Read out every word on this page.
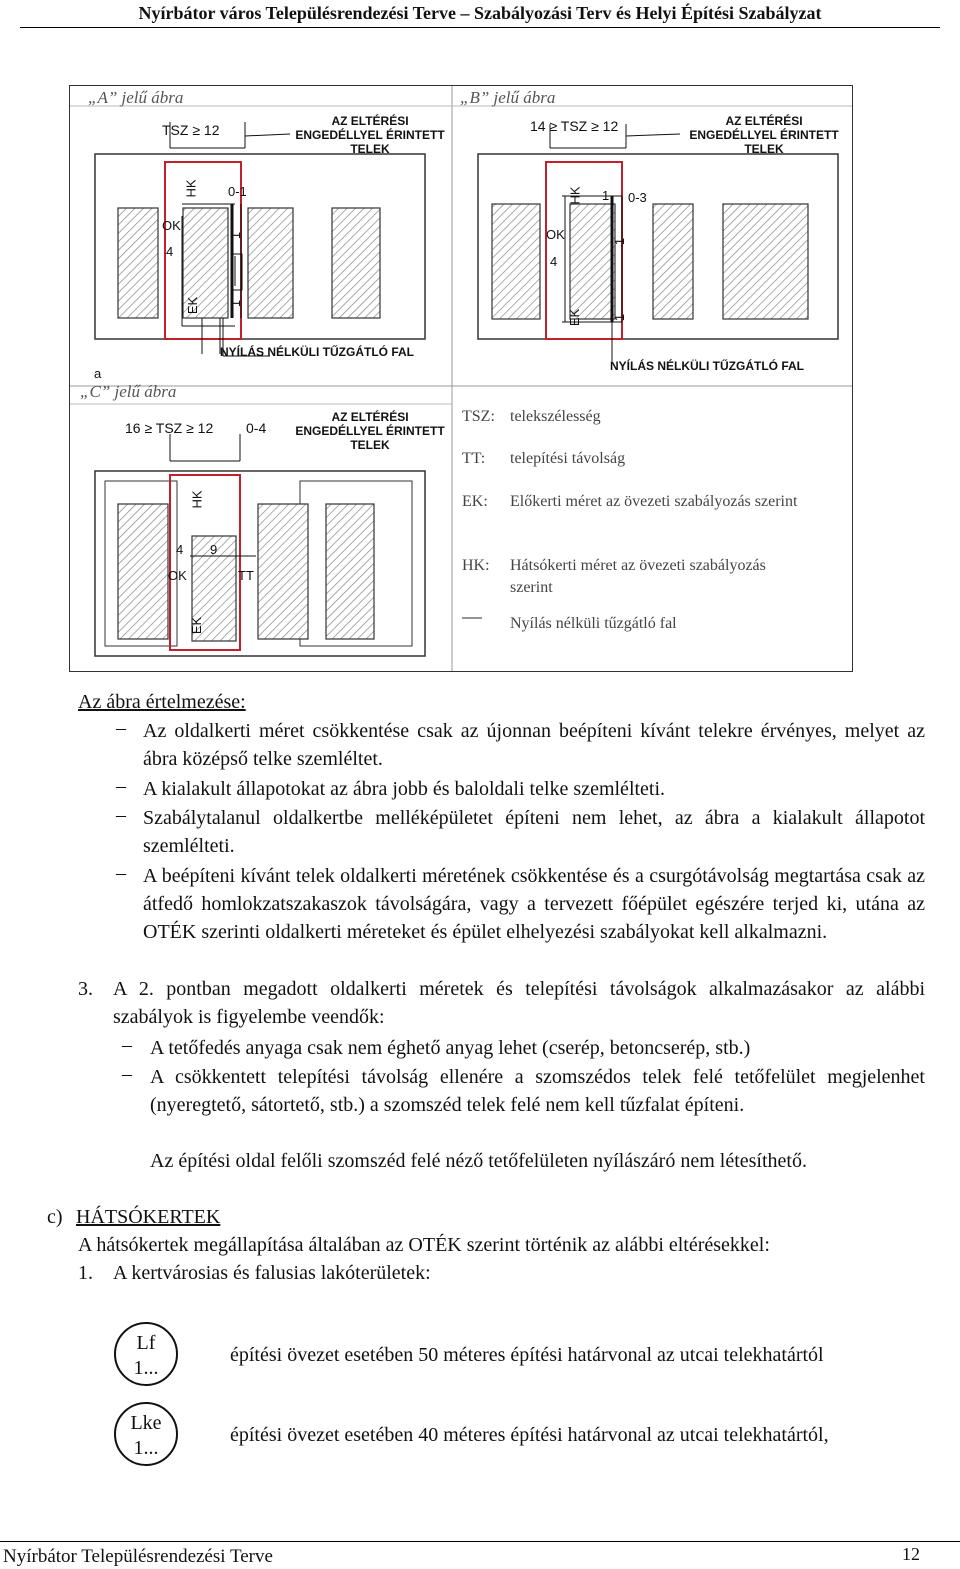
Nyírbátor város Településrendezési Terve – Szabályozási Terv és Helyi Építési Szabályzat
„A” jelű ábra
AZ ELTÉRÉSI ENGEDÉLLYEL ÉRINTETT TELEK
TSZ ≥ 12
HK 0-1
OK
4
1
EK 1
NYÍLÁS NÉLKÜLI TŰZGÁTLÓ FAL
„B” jelű ábra
AZ ELTÉRÉSI ENGEDÉLLYEL ÉRINTETT TELEK
14 ≥ TSZ ≥ 12
HK 1 0-3
OK
4
1
EK 1
NYÍLÁS NÉLKÜLI TŰZGÁTLÓ FAL
a
„C” jelű ábra
AZ ELTÉRÉSI ENGEDÉLLYEL ÉRINTETT TELEK
16 ≥ TSZ ≥ 12 0-4
HK
4 9
OK	TT
EK
TSZ: telekszélesség
TT: telepítési távolság
EK: Előkerti méret az övezeti szabályozás szerint
HK: Hátsókerti méret az övezeti szabályozás szerint
Nyílás nélküli tűzgátló fal
Az ábra értelmezése:
– Az oldalkerti méret csökkentése csak az újonnan beépíteni kívánt telekre érvényes, melyet az ábra középső telke szemléltet.
– A kialakult állapotokat az ábra jobb és baloldali telke szemlélteti.
– Szabálytalanul oldalkertbe melléképületet építeni nem lehet, az ábra a kialakult állapotot szemlélteti.
– A beépíteni kívánt telek oldalkerti méretének csökkentése és a csurgótávolság megtartása csak az átfedő homlokzatszakaszok távolságára, vagy a tervezett főépület egészére terjed ki, utána az OTÉK szerinti oldalkerti méreteket és épület elhelyezési szabályokat kell alkalmazni.
3. A 2. pontban megadott oldalkerti méretek és telepítési távolságok alkalmazásakor az alábbi szabályok is figyelembe veendők:
– A tetőfedés anyaga csak nem éghető anyag lehet (cserép, betoncserép, stb.)
– A csökkentett telepítési távolság ellenére a szomszédos telek felé tetőfelület megjelenhet (nyeregtető, sátortető, stb.) a szomszéd telek felé nem kell tűzfalat építeni.
Az építési oldal felőli szomszéd felé néző tetőfelületen nyílászáró nem létesíthető.
c) HÁTSÓKERTEK
A hátsókertek megállapítása általában az OTÉK szerint történik az alábbi eltérésekkel:
1. A kertvárosias és falusias lakóterületek:
Lf
1...
építési övezet esetében 50 méteres építési határvonal az utcai telekhatártól
Lke
1...
építési övezet esetében 40 méteres építési határvonal az utcai telekhatártól,
Nyírbátor Településrendezési Terve	12
